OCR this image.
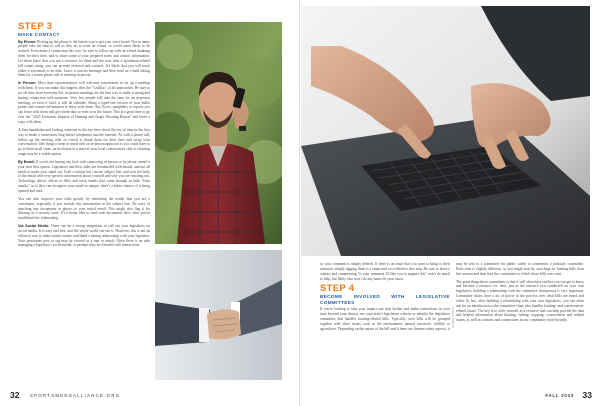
STEP 3
MAKE CONTACT

By Phone: Picking up the phone is the fastest way to get your voice heard. Not as many people take the time to call as they do to write an e-mail, so you're more likely to be noticed. Even make a connection this way: be sure to follow up with an e-mail thanking them for their time, and to share some of your prepared notes and contact information. Let them know that you are a resource for them and the next time a sportsman-related bill comes along, you can provide research and contacts. It's likely that you will reach either a voicemail or an aide. Leave a concise message and then send an e-mail asking them for a return phone call or meeting in person.

In Person: Most state representatives will welcome constituents to set up a meeting with them. If you can make this happen, then the "Cadillac" of all approaches. Be sure to set off time from everyday life, in-person meetings are the best way to make a strong and lasting connection with someone. Very few people will take the time for an in-person meeting, so even if brief, it will be valuable. Bring a typed-out version of your bullet points and contact information to leave with them. Any flyers, pamphlets or reports you can leave with them will give them data to refer to in the future. This is a great time to go over the "2023 Economic Impacts of Hunting and Target Shooting Report" and leave a copy with them.

A firm handshake and looking someone in the eye have stood the test of time as the best way to make a connection long before telephones and the internet. As with a phone call, follow up the meeting with an e-mail to thank them for their time and recap your conversation. One thing to keep in mind with an in-person approach is you could have to go to them in all cases, an invitation to a meet at your local conservation club or shooting range may be a viable option.

By Email: If you're not having any luck with connecting in person or by phone, email is your next best option. Legislators and their aides are bombarded with emails, and not all needs to make your stand out. Craft a unique but concise subject line, and start the body of the email with very specific information about yourself and why you are reaching out. Technology allows offices to filter and track emails that come through as bulk "form emails," so if they can recognize your email as unique, there's a better chance of it being opened and read.

You can also improve your odds greatly by reminding the reader that you are a constituent, especially if you include this information in the subject line. Be wary of attaching any documents or photos to your initial email. This might also flag it for filtering as a security issue. It's a better idea to send such documents later, after you've established the relationship.

Via Social Media: There can be a strong temptation to call out your legislators on social media. It is easy and free, and the whole world can see it. However, this is not an effective way to make initial contact and build a lasting relationship with your legislator. Your passionate post or tag may be viewed as a rant or attack. Often there is an aide managing a legislator's social media, or perhaps they are flooded with interactions.

32 SPORTSMENSALLIANCE.ORG
ADOBE STOCK

so your comment is simply deleted. If there is an issue that you want to bring to their attention, simply tagging them is a smart and cost-effective first step. Be sure to leave a contact and commenting "is your comment I'd like you to support this" won't do much to help, but likely also won't do any harm for your cause.

STEP 4
BECOME INVOLVED WITH LEGISLATIVE COMMITTEES

If you're looking to take your impact one step further and make connections in your state beyond your district, see your state's legislative website to identify the legislative committee that handles hunting-related bills. Typically, such bills will be grouped together with other issues, such as the environment, natural resources, wildlife or agriculture. Depending on the nature of the bill and if there are firearm-safety aspects, it

may be sent to a committee for public safety or sometimes a judiciary committee. Each state is slightly different, so you might start by searching for hunting bills from last session and then find the committees to which those bills were sent.

The great thing about committees is that it will often have staffers you can get to know and become a resource for. And, just as the research you conducted on your own legislators, building a relationship with the committee chairperson is very important. Committee chairs have a lot of power in the process over what bills are heard and when. In fact, after building a relationship with your own legislators, you can often ask for an introduction to the committee chair who handles hunting- and conservation-related issues. The key is to offer yourself as a resource that can help provide the data and helpful information about hunting, fishing, trapping, conservation and related issues, as well as contacts and connections in our community more broadly.

FALL 2023 33
